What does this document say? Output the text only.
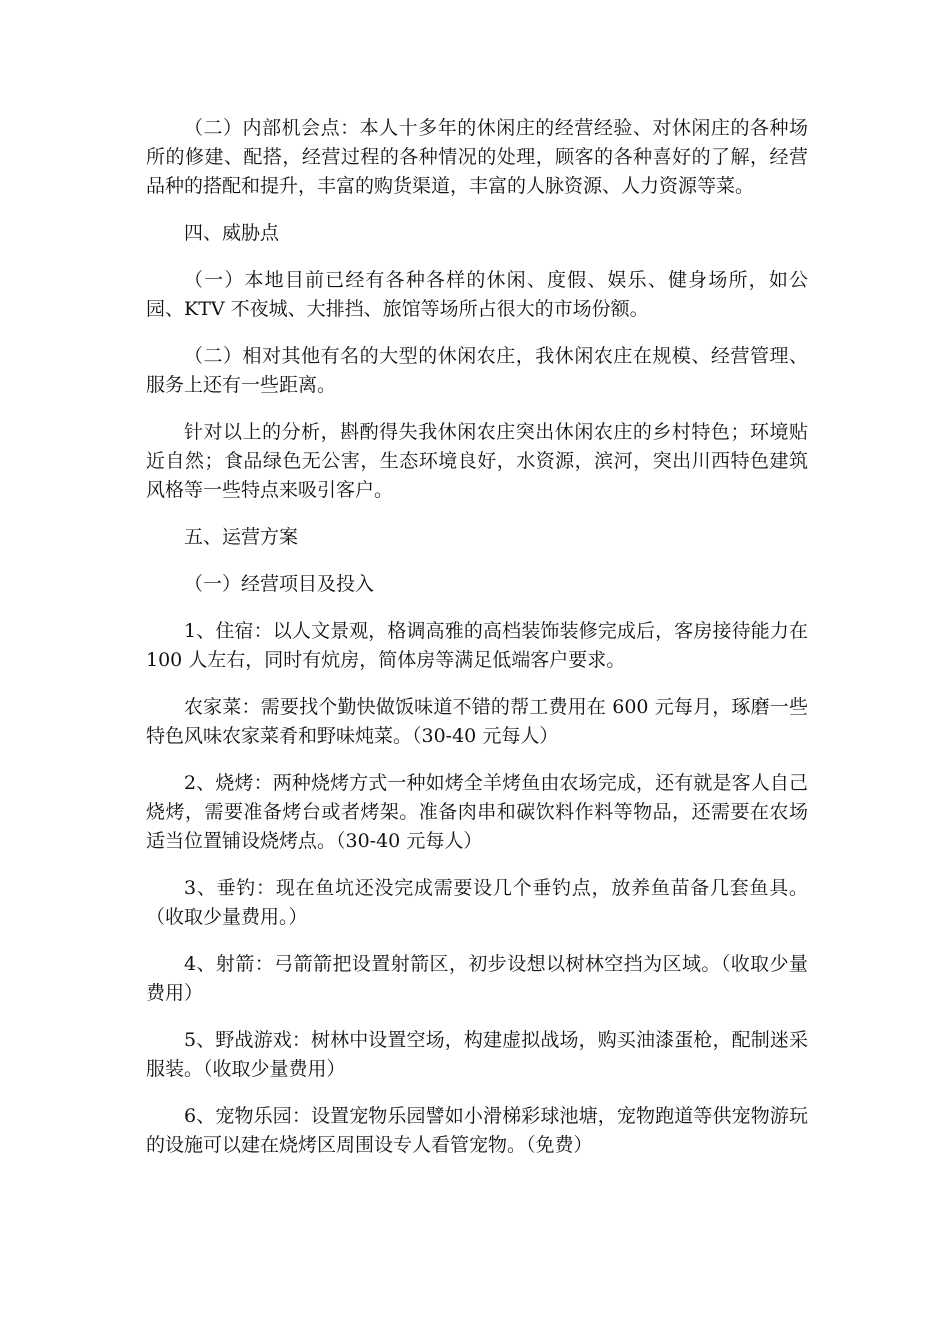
（二）内部机会点：本人十多年的休闲庄的经营经验、对休闲庄的各种场所的修建、配搭，经营过程的各种情况的处理，顾客的各种喜好的了解，经营品种的搭配和提升，丰富的购货渠道，丰富的人脉资源、人力资源等菜。

四、威胁点

（一）本地目前已经有各种各样的休闲、度假、娱乐、健身场所，如公园、KTV 不夜城、大排挡、旅馆等场所占很大的市场份额。

（二）相对其他有名的大型的休闲农庄，我休闲农庄在规模、经营管理、服务上还有一些距离。

针对以上的分析，斟酌得失我休闲农庄突出休闲农庄的乡村特色；环境贴近自然；食品绿色无公害，生态环境良好，水资源，滨河，突出川西特色建筑风格等一些特点来吸引客户。

五、运营方案

（一）经营项目及投入

1、住宿：以人文景观，格调高雅的高档装饰装修完成后，客房接待能力在 100 人左右，同时有炕房，简体房等满足低端客户要求。

农家菜：需要找个勤快做饭味道不错的帮工费用在 600 元每月，琢磨一些特色风味农家菜肴和野味炖菜。（30-40 元每人）

2、烧烤：两种烧烤方式一种如烤全羊烤鱼由农场完成，还有就是客人自己烧烤，需要准备烤台或者烤架。准备肉串和碳饮料作料等物品，还需要在农场适当位置铺设烧烤点。（30-40 元每人）

3、垂钓：现在鱼坑还没完成需要设几个垂钓点，放养鱼苗备几套鱼具。（收取少量费用。）

4、射箭：弓箭箭把设置射箭区，初步设想以树林空挡为区域。（收取少量费用）

5、野战游戏：树林中设置空场，构建虚拟战场，购买油漆蛋枪，配制迷采服装。（收取少量费用）

6、宠物乐园：设置宠物乐园譬如小滑梯彩球池塘，宠物跑道等供宠物游玩的设施可以建在烧烤区周围设专人看管宠物。（免费）
